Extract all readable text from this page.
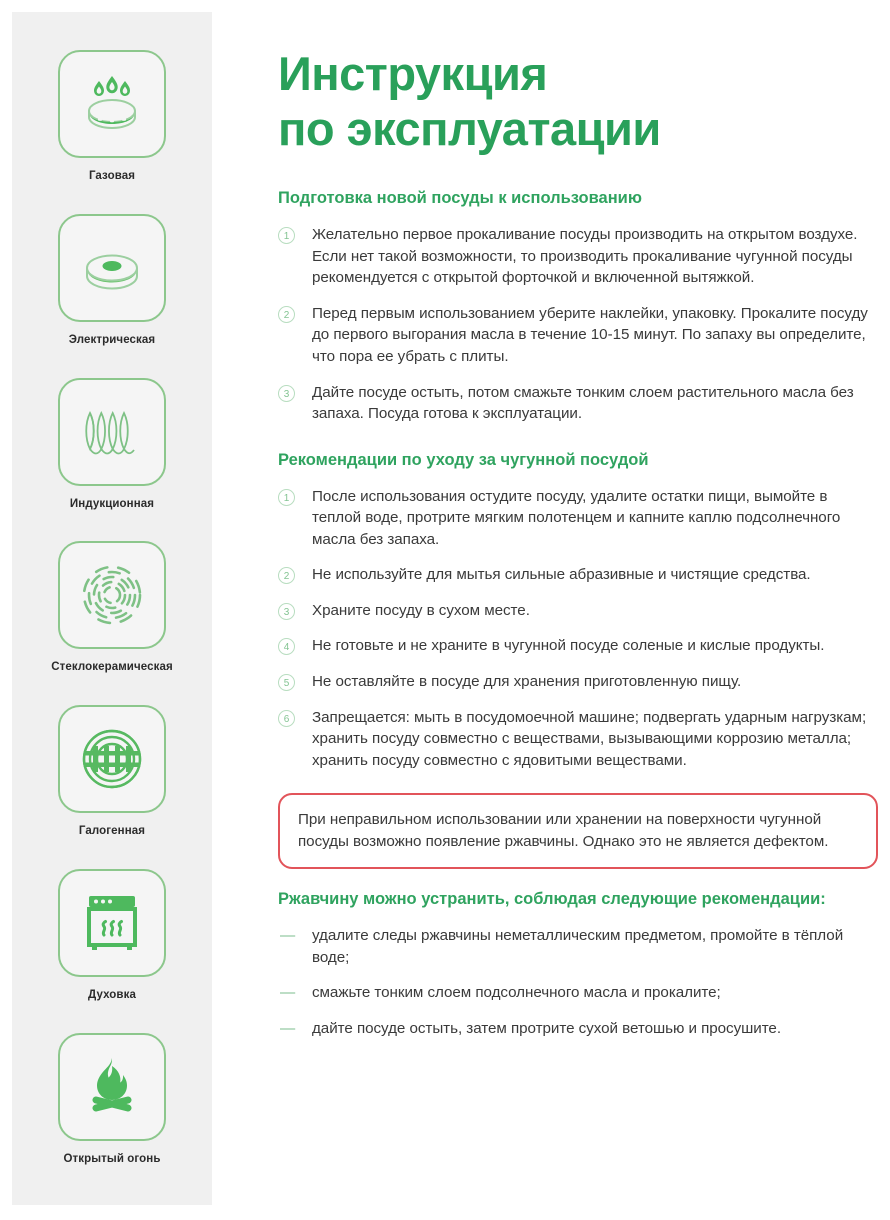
Газовая
Электрическая
Индукционная
Стеклокерамическая
Галогенная
Духовка
Открытый огонь
Инструкция
по эксплуатации
Подготовка новой посуды к использованию
1	Желательно первое прокаливание посуды производить на открытом воздухе. Если нет такой возможности, то производить прокаливание чугунной посуды рекомендуется с открытой форточкой и включенной вытяжкой.
2	Перед первым использованием уберите наклейки, упаковку. Прокалите посуду до первого выгорания масла в течение 10-15 минут. По запаху вы определите, что пора ее убрать с плиты.
3	Дайте посуде остыть, потом смажьте тонким слоем растительного масла без запаха. Посуда готова к эксплуатации.
Рекомендации по уходу за чугунной посудой
1	После использования остудите посуду, удалите остатки пищи, вымойте в теплой воде, протрите мягким полотенцем и капните каплю подсолнечного масла без запаха.
2	Не используйте для мытья сильные абразивные и чистящие средства.
3	Храните посуду в сухом месте.
4	Не готовьте и не храните в чугунной посуде соленые и кислые продукты.
5	Не оставляйте в посуде для хранения приготовленную пищу.
6	Запрещается: мыть в посудомоечной машине; подвергать ударным нагрузкам; хранить посуду совместно с веществами, вызывающими коррозию металла; хранить посуду совместно с ядовитыми веществами.
При неправильном использовании или хранении на поверхности чугунной посуды возможно появление ржавчины. Однако это не является дефектом.
Ржавчину можно устранить, соблюдая следующие рекомендации:
— удалите следы ржавчины неметаллическим предметом, промойте в тёплой воде;
— смажьте тонким слоем подсолнечного масла и прокалите;
— дайте посуде остыть, затем протрите сухой ветошью и просушите.
